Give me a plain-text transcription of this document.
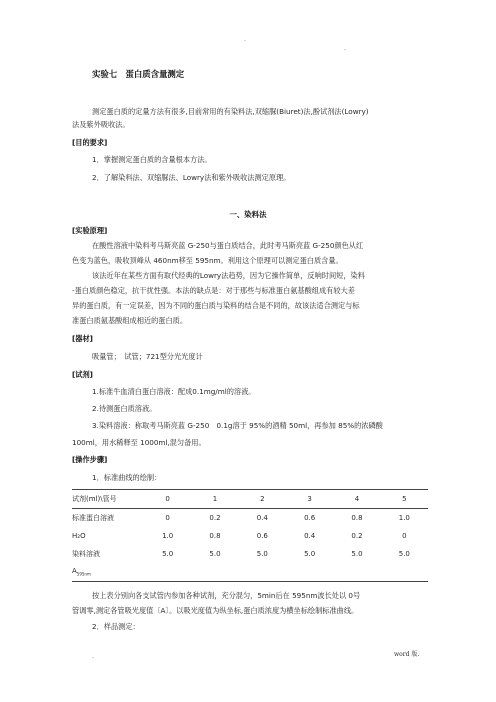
.
.
实验七　蛋白质含量测定
测定蛋白质的定量方法有很多,目前常用的有染料法,双缩脲(Biuret)法,酚试剂法(Lowry)
法及紫外吸收法。
[目的要求]
1．掌握测定蛋白质的含量根本方法。
2．了解染料法、双缩脲法、Lowry法和紫外吸收法测定原理。
一、染料法
[实验原理]
在酸性溶液中染料考马斯亮蓝 G-250与蛋白质结合，此时考马斯亮蓝 G-250颜色从红
色变为蓝色，吸收顶峰从 460nm移至 595nm。利用这个原理可以测定蛋白质含量。
该法近年在某些方面有取代经典的Lowry法趋势，因为它操作简单，反响时间短，染料
-蛋白质颜色稳定，抗干扰性强。本法的缺点是：对于那些与标准蛋白氨基酸组成有较大差
异的蛋白质，有一定误差，因为不同的蛋白质与染料的结合是不同的，故该法适合测定与标
准蛋白质氨基酸组成相近的蛋白质。
[器材]
吸量管；　试管；721型分光光度计
[试剂]
1.标准牛血清白蛋白溶液：配成0.1mg/ml的溶液。
2.待测蛋白质溶液。
3.染料溶液：称取考马斯亮蓝 G-250　0.1g溶于 95%的酒精 50ml，再参加 85%的浓磷酸
100ml，用水稀释至 1000ml,混匀备用。
[操作步骤]
1．标准曲线的绘制：
试剂(ml)\管号	0	1	2	3	4	5
标准蛋白溶液	0	0.2	0.4	0.6	0.8	1.0
H₂O	1.0	0.8	0.6	0.4	0.2	0
染料溶液	5.0	5.0	5.0	5.0	5.0	5.0
$A_{595nm}$						
按上表分别向各支试管内参加各种试剂，充分混匀，5min后在 595nm波长处以 0号
管调零,测定各管吸光度值〔A〕。以吸光度值为纵坐标,蛋白质浓度为横坐标绘制标准曲线。
2．样品测定：
.	word 版.
